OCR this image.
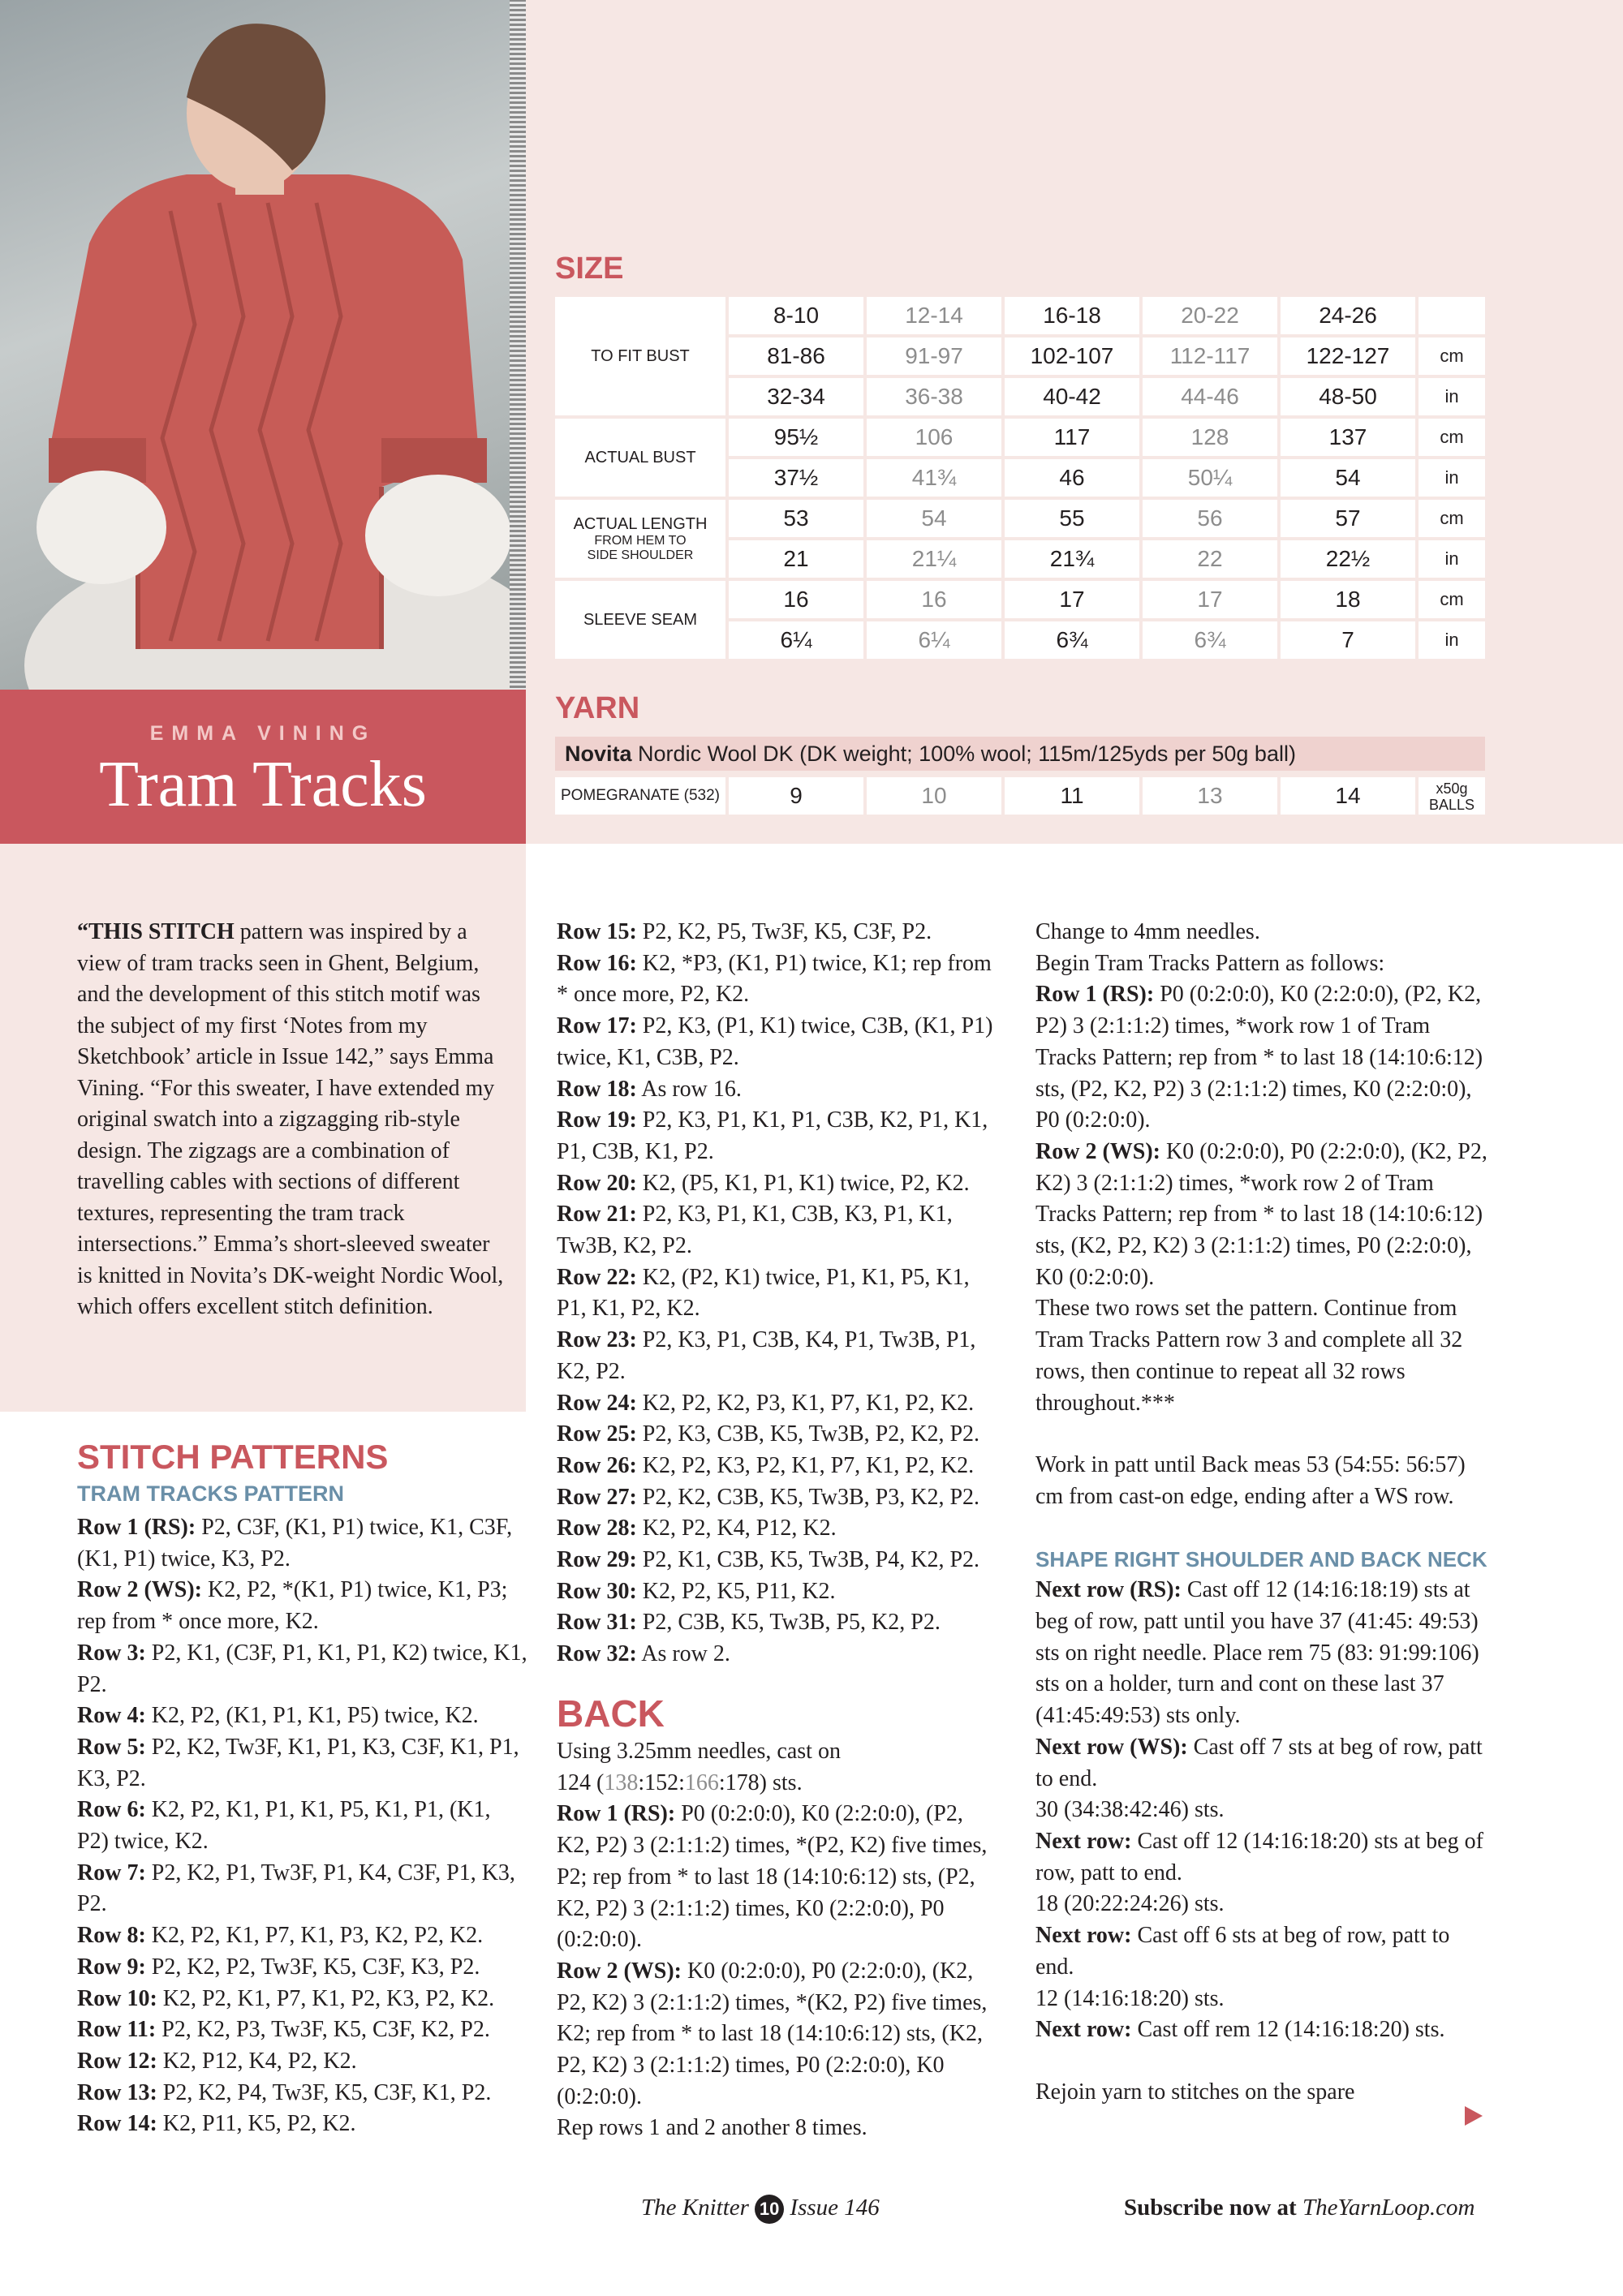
EMMA VINING
Tram Tracks
SIZE
TO FIT BUST
8-10	12-14	16-18	20-22	24-26
81-86	91-97	102-107	112-117	122-127	cm
32-34	36-38	40-42	44-46	48-50	in
ACTUAL BUST
95½	106	117	128	137	cm
37½	41¾	46	50¼	54	in
ACTUAL LENGTH
FROM HEM TO SIDE SHOULDER
53	54	55	56	57	cm
21	21¼	21¾	22	22½	in
SLEEVE SEAM
16	16	17	17	18	cm
6¼	6¼	6¾	6¾	7	in
YARN
Novita Nordic Wool DK (DK weight; 100% wool; 115m/125yds per 50g ball)
POMEGRANATE (532)	9	10	11	13	14	x50g
BALLS
“THIS STITCH pattern was inspired by a view of tram tracks seen in Ghent, Belgium, and the development of this stitch motif was the subject of my first ‘Notes from my Sketchbook’ article in Issue 142,” says Emma Vining. “For this sweater, I have extended my original swatch into a zigzagging rib-style design. The zigzags are a combination of travelling cables with sections of different textures, representing the tram track intersections.” Emma’s short-sleeved sweater is knitted in Novita’s DK-weight Nordic Wool, which offers excellent stitch definition.
STITCH PATTERNS
TRAM TRACKS PATTERN

Row 1 (RS): P2, C3F, (K1, P1) twice, K1, C3F, (K1, P1) twice, K3, P2.

Row 2 (WS): K2, P2, *(K1, P1) twice, K1, P3; rep from * once more, K2.

Row 3: P2, K1, (C3F, P1, K1, P1, K2) twice, K1, P2.

Row 4: K2, P2, (K1, P1, K1, P5) twice, K2.

Row 5: P2, K2, Tw3F, K1, P1, K3, C3F, K1, P1, K3, P2.

Row 6: K2, P2, K1, P1, K1, P5, K1, P1, (K1, P2) twice, K2.

Row 7: P2, K2, P1, Tw3F, P1, K4, C3F, P1, K3, P2.

Row 8: K2, P2, K1, P7, K1, P3, K2, P2, K2.

Row 9: P2, K2, P2, Tw3F, K5, C3F, K3, P2.

Row 10: K2, P2, K1, P7, K1, P2, K3, P2, K2.

Row 11: P2, K2, P3, Tw3F, K5, C3F, K2, P2.

Row 12: K2, P12, K4, P2, K2.

Row 13: P2, K2, P4, Tw3F, K5, C3F, K1, P2.

Row 14: K2, P11, K5, P2, K2.

Row 15: P2, K2, P5, Tw3F, K5, C3F, P2.

Row 16: K2, *P3, (K1, P1) twice, K1; rep from * once more, P2, K2.

Row 17: P2, K3, (P1, K1) twice, C3B, (K1, P1) twice, K1, C3B, P2.

Row 18: As row 16.

Row 19: P2, K3, P1, K1, P1, C3B, K2, P1, K1, P1, C3B, K1, P2.

Row 20: K2, (P5, K1, P1, K1) twice, P2, K2.

Row 21: P2, K3, P1, K1, C3B, K3, P1, K1, Tw3B, K2, P2.

Row 22: K2, (P2, K1) twice, P1, K1, P5, K1, P1, K1, P2, K2.

Row 23: P2, K3, P1, C3B, K4, P1, Tw3B, P1, K2, P2.

Row 24: K2, P2, K2, P3, K1, P7, K1, P2, K2.

Row 25: P2, K3, C3B, K5, Tw3B, P2, K2, P2.

Row 26: K2, P2, K3, P2, K1, P7, K1, P2, K2.

Row 27: P2, K2, C3B, K5, Tw3B, P3, K2, P2.

Row 28: K2, P2, K4, P12, K2.

Row 29: P2, K1, C3B, K5, Tw3B, P4, K2, P2.

Row 30: K2, P2, K5, P11, K2.

Row 31: P2, C3B, K5, Tw3B, P5, K2, P2.

Row 32: As row 2.

BACK

Using 3.25mm needles, cast on

124 (138:152:166:178) sts.

Row 1 (RS): P0 (0:2:0:0), K0 (2:2:0:0), (P2, K2, P2) 3 (2:1:1:2) times, *(P2, K2) five times, P2; rep from * to last 18 (14:10:6:12) sts, (P2, K2, P2) 3 (2:1:1:2) times, K0 (2:2:0:0), P0 (0:2:0:0).

Row 2 (WS): K0 (0:2:0:0), P0 (2:2:0:0), (K2, P2, K2) 3 (2:1:1:2) times, *(K2, P2) five times, K2; rep from * to last 18 (14:10:6:12) sts, (K2, P2, K2) 3 (2:1:1:2) times, P0 (2:2:0:0), K0 (0:2:0:0).

Rep rows 1 and 2 another 8 times.

Change to 4mm needles.

Begin Tram Tracks Pattern as follows:

Row 1 (RS): P0 (0:2:0:0), K0 (2:2:0:0), (P2, K2, P2) 3 (2:1:1:2) times, *work row 1 of Tram Tracks Pattern; rep from * to last 18 (14:10:6:12) sts, (P2, K2, P2) 3 (2:1:1:2) times, K0 (2:2:0:0), P0 (0:2:0:0).

Row 2 (WS): K0 (0:2:0:0), P0 (2:2:0:0), (K2, P2, K2) 3 (2:1:1:2) times, *work row 2 of Tram Tracks Pattern; rep from * to last 18 (14:10:6:12) sts, (K2, P2, K2) 3 (2:1:1:2) times, P0 (2:2:0:0), K0 (0:2:0:0).

These two rows set the pattern. Continue from Tram Tracks Pattern row 3 and complete all 32 rows, then continue to repeat all 32 rows throughout.***

Work in patt until Back meas 53 (54:55: 56:57) cm from cast-on edge, ending after a WS row.

SHAPE RIGHT SHOULDER AND BACK NECK

Next row (RS): Cast off 12 (14:16:18:19) sts at beg of row, patt until you have 37 (41:45: 49:53) sts on right needle. Place rem 75 (83: 91:99:106) sts on a holder, turn and cont on these last 37 (41:45:49:53) sts only.

Next row (WS): Cast off 7 sts at beg of row, patt to end.

30 (34:38:42:46) sts.

Next row: Cast off 12 (14:16:18:20) sts at beg of row, patt to end.

18 (20:22:24:26) sts.

Next row: Cast off 6 sts at beg of row, patt to end.

12 (14:16:18:20) sts.

Next row: Cast off rem 12 (14:16:18:20) sts.

Rejoin yarn to stitches on the spare

The Knitter 10 Issue 146	Subscribe now at TheYarnLoop.com
